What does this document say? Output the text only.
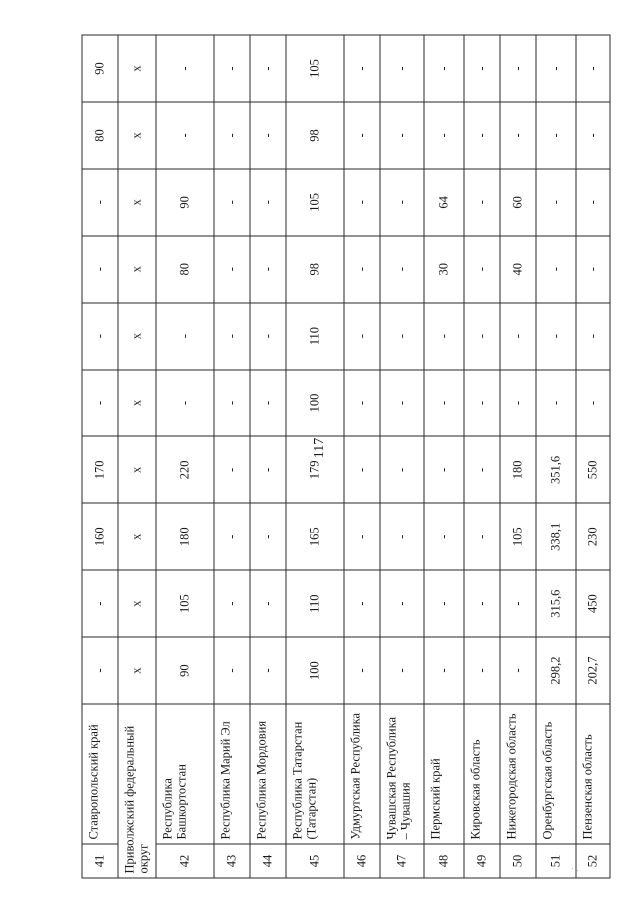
117
41	Ставропольский край	-	-	160	170	-	-	-	-	80	90
Приволжский федеральный округ		х	х	х	х	х	х	х	х	х	х
42	Республика Башкортостан	90	105	180	220	-	-	80	90	-	-
43	Республика Марий Эл	-	-	-	-	-	-	-	-	-	-
44	Республика Мордовия	-	-	-	-	-	-	-	-	-	-
45	Республика Татарстан (Татарстан)	100	110	165	179	100	110	98	105	98	105
46	Удмуртская Республика	-	-	-	-	-	-	-	-	-	-
47	Чувашская Республика – Чувашия	-	-	-	-	-	-	-	-	-	-
48	Пермский край	-	-	-	-	-	-	30	64	-	-
49	Кировская область	-	-	-	-	-	-	-	-	-	-
50	Нижегородская область	-	-	105	180	-	-	40	60	-	-
51	Оренбургская область	298,2	315,6	338,1	351,6	-	-	-	-	-	-
52	Пензенская область	202,7	450	230	550	-	-	-	-	-	-
